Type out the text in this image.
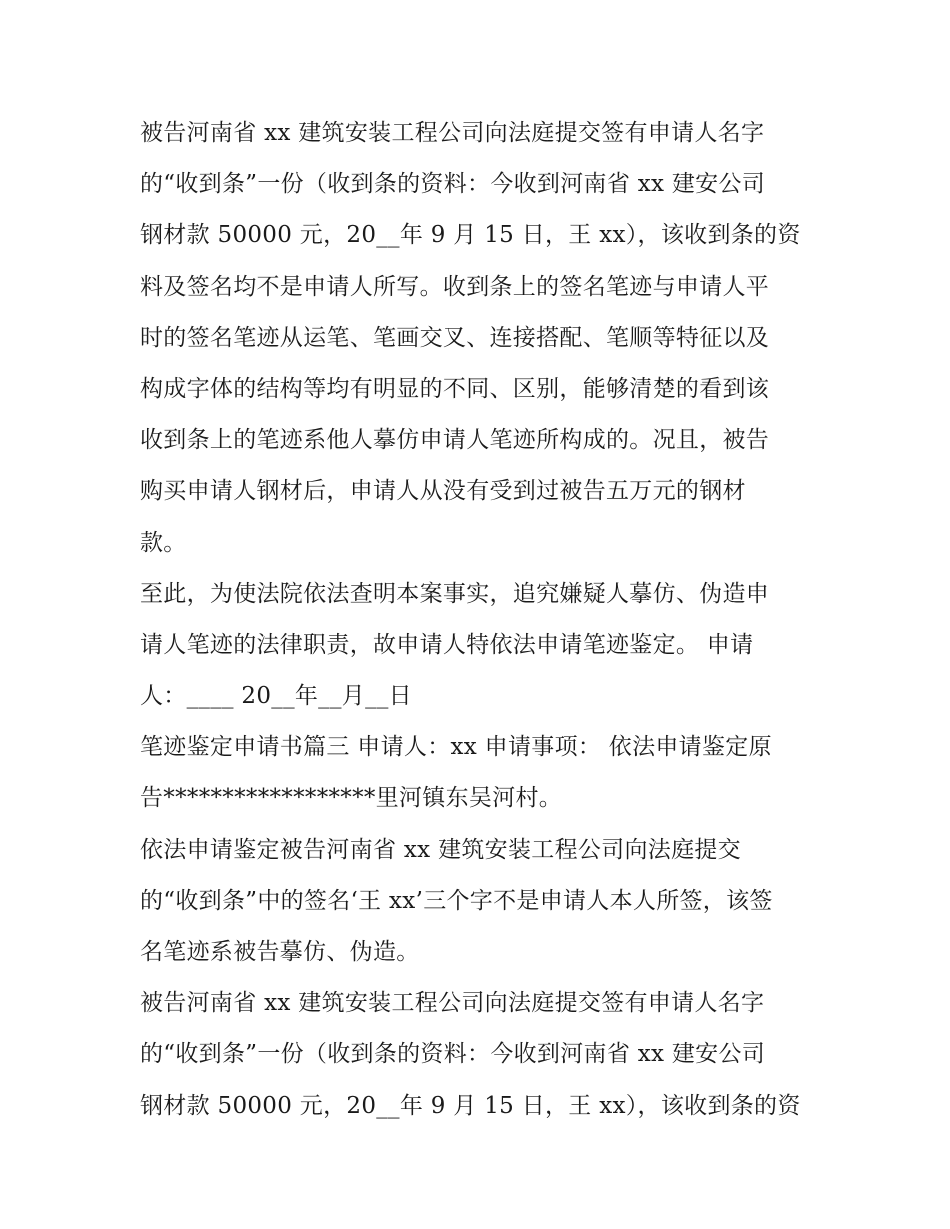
被告河南省 xx 建筑安装工程公司向法庭提交签有申请人名字
的“收到条”一份（收到条的资料：今收到河南省 xx 建安公司
钢材款 50000 元，20__年 9 月 15 日，王 xx），该收到条的资
料及签名均不是申请人所写。收到条上的签名笔迹与申请人平
时的签名笔迹从运笔、笔画交叉、连接搭配、笔顺等特征以及
构成字体的结构等均有明显的不同、区别，能够清楚的看到该
收到条上的笔迹系他人摹仿申请人笔迹所构成的。况且，被告
购买申请人钢材后，申请人从没有受到过被告五万元的钢材
款。
至此，为使法院依法查明本案事实，追究嫌疑人摹仿、伪造申
请人笔迹的法律职责，故申请人特依法申请笔迹鉴定。 申请
人：____ 20__年__月__日
笔迹鉴定申请书篇三 申请人：xx 申请事项： 依法申请鉴定原
告******************里河镇东吴河村。
依法申请鉴定被告河南省 xx 建筑安装工程公司向法庭提交
的“收到条”中的签名‘王 xx’三个字不是申请人本人所签，该签
名笔迹系被告摹仿、伪造。
被告河南省 xx 建筑安装工程公司向法庭提交签有申请人名字
的“收到条”一份（收到条的资料：今收到河南省 xx 建安公司
钢材款 50000 元，20__年 9 月 15 日，王 xx），该收到条的资
